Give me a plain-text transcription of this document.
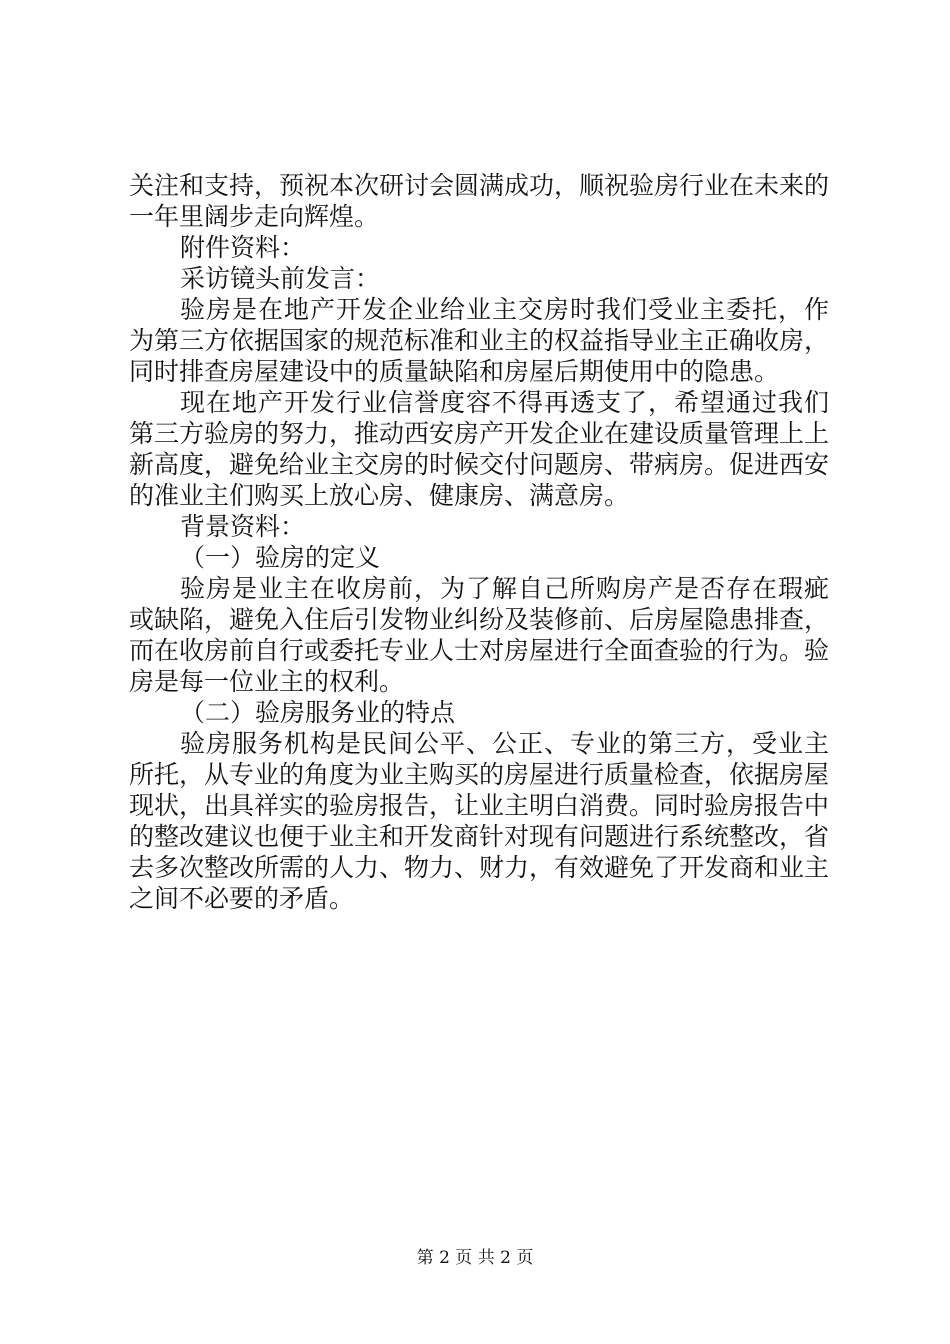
关注和支持，预祝本次研讨会圆满成功，顺祝验房行业在未来的一年里阔步走向辉煌。

附件资料：

采访镜头前发言：

验房是在地产开发企业给业主交房时我们受业主委托，作为第三方依据国家的规范标准和业主的权益指导业主正确收房，同时排查房屋建设中的质量缺陷和房屋后期使用中的隐患。

现在地产开发行业信誉度容不得再透支了，希望通过我们第三方验房的努力，推动西安房产开发企业在建设质量管理上上新高度，避免给业主交房的时候交付问题房、带病房。促进西安的准业主们购买上放心房、健康房、满意房。

背景资料：

（一）验房的定义

验房是业主在收房前，为了解自己所购房产是否存在瑕疵或缺陷，避免入住后引发物业纠纷及装修前、后房屋隐患排查，而在收房前自行或委托专业人士对房屋进行全面查验的行为。验房是每一位业主的权利。

（二）验房服务业的特点

验房服务机构是民间公平、公正、专业的第三方，受业主所托，从专业的角度为业主购买的房屋进行质量检查，依据房屋现状，出具祥实的验房报告，让业主明白消费。同时验房报告中的整改建议也便于业主和开发商针对现有问题进行系统整改，省去多次整改所需的人力、物力、财力，有效避免了开发商和业主之间不必要的矛盾。

第 2 页 共 2 页
